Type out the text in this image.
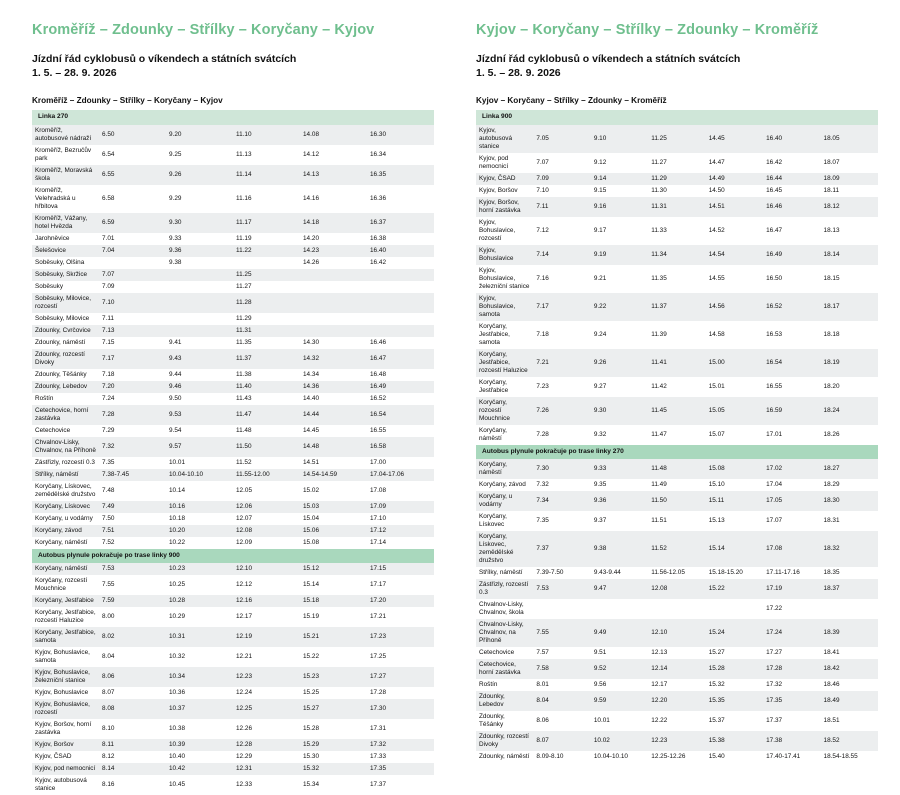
Kroměříž – Zdounky – Střílky – Koryčany – Kyjov
Jízdní řád cyklobusů o víkendech a státních svátcích
1. 5. – 28. 9. 2026
Kroměříž – Zdounky – Střílky – Koryčany – Kyjov
Linka 270					
Kroměříž, autobusové nádraží	6.50	9.20	11.10	14.08	16.30
Kroměříž, Bezručův park	6.54	9.25	11.13	14.12	16.34
Kroměříž, Moravská škola	6.55	9.26	11.14	14.13	16.35
Kroměříž, Velehradská u hřbitova	6.58	9.29	11.16	14.16	16.36
Kroměříž, Vážany, hotel Hvězda	6.59	9.30	11.17	14.18	16.37
Jarohněvice	7.01	9.33	11.19	14.20	16.38
Šelešovice	7.04	9.36	11.22	14.23	16.40
Soběsuky, Olšina		9.38		14.26	16.42
Soběsuky, Skržice	7.07		11.25		
Soběsuky	7.09		11.27		
Soběsuky, Milovice, rozcestí	7.10		11.28		
Soběsuky, Milovice	7.11		11.29		
Zdounky, Cvrčovice	7.13		11.31		
Zdounky, náměstí	7.15	9.41	11.35	14.30	16.46
Zdounky, rozcestí Divoky	7.17	9.43	11.37	14.32	16.47
Zdounky, Těšánky	7.18	9.44	11.38	14.34	16.48
Zdounky, Lebedov	7.20	9.46	11.40	14.36	16.49
Roštín	7.24	9.50	11.43	14.40	16.52
Cetechovice, horní zastávka	7.28	9.53	11.47	14.44	16.54
Cetechovice	7.29	9.54	11.48	14.45	16.55
Chvalnov-Lisky, Chvalnov, na Příhoně	7.32	9.57	11.50	14.48	16.58
Zástřizly, rozcestí 0.3	7.35	10.01	11.52	14.51	17.00
Střílky, náměstí	7.38-7.45	10.04-10.10	11.55-12.00	14.54-14.59	17.04-17.06
Koryčany, Lískovec, zeměděIské družstvo	7.48	10.14	12.05	15.02	17.08
Koryčany, Lískovec	7.49	10.16	12.06	15.03	17.09
Koryčany, u vodárny	7.50	10.18	12.07	15.04	17.10
Koryčany, závod	7.51	10.20	12.08	15.06	17.12
Koryčany, náměstí	7.52	10.22	12.09	15.08	17.14
Autobus plynule pokračuje po trase linky 900					
Koryčany, náměstí	7.53	10.23	12.10	15.12	17.15
Koryčany, rozcestí Mouchnice	7.55	10.25	12.12	15.14	17.17
Koryčany, Jestřabice	7.59	10.28	12.16	15.18	17.20
Koryčany, Jestřabice, rozcestí Haluzice	8.00	10.29	12.17	15.19	17.21
Koryčany, Jestřabice, samota	8.02	10.31	12.19	15.21	17.23
Kyjov, Bohuslavice, samota	8.04	10.32	12.21	15.22	17.25
Kyjov, Bohuslavice, železniční stanice	8.06	10.34	12.23	15.23	17.27
Kyjov, Bohuslavice	8.07	10.36	12.24	15.25	17.28
Kyjov, Bohuslavice, rozcestí	8.08	10.37	12.25	15.27	17.30
Kyjov, Boršov, horní zastávka	8.10	10.38	12.26	15.28	17.31
Kyjov, Boršov	8.11	10.39	12.28	15.29	17.32
Kyjov, ČSAD	8.12	10.40	12.29	15.30	17.33
Kyjov, pod nemocnicí	8.14	10.42	12.31	15.32	17.35
Kyjov, autobusová stanice	8.16	10.45	12.33	15.34	17.37
Kyjov – Koryčany – Střílky – Zdounky – Kroměříž
Jízdní řád cyklobusů o víkendech a státních svátcích
1. 5. – 28. 9. 2026
Kyjov – Koryčany – Střílky – Zdounky – Kroměříž
Linka 900						
Kyjov, autobusová stanice	7.05	9.10	11.25	14.45	16.40	18.05
Kyjov, pod nemocnicí	7.07	9.12	11.27	14.47	16.42	18.07
Kyjov, ČSAD	7.09	9.14	11.29	14.49	16.44	18.09
Kyjov, Boršov	7.10	9.15	11.30	14.50	16.45	18.11
Kyjov, Boršov, horní zastávka	7.11	9.16	11.31	14.51	16.46	18.12
Kyjov, Bohuslavice, rozcestí	7.12	9.17	11.33	14.52	16.47	18.13
Kyjov, Bohuslavice	7.14	9.19	11.34	14.54	16.49	18.14
Kyjov, Bohuslavice, železniční stanice	7.16	9.21	11.35	14.55	16.50	18.15
Kyjov, Bohuslavice, samota	7.17	9.22	11.37	14.56	16.52	18.17
Koryčany, Jestřabice, samota	7.18	9.24	11.39	14.58	16.53	18.18
Koryčany, Jestřabice, rozcestí Haluzice	7.21	9.26	11.41	15.00	16.54	18.19
Koryčany, Jestřabice	7.23	9.27	11.42	15.01	16.55	18.20
Koryčany, rozcestí Mouchnice	7.26	9.30	11.45	15.05	16.59	18.24
Koryčany, náměstí	7.28	9.32	11.47	15.07	17.01	18.26
Autobus plynule pokračuje po trase linky 270						
Koryčany, náměstí	7.30	9.33	11.48	15.08	17.02	18.27
Koryčany, závod	7.32	9.35	11.49	15.10	17.04	18.29
Koryčany, u vodárny	7.34	9.36	11.50	15.11	17.05	18.30
Koryčany, Lískovec	7.35	9.37	11.51	15.13	17.07	18.31
Koryčany, Lískovec, zeměděIské družstvo	7.37	9.38	11.52	15.14	17.08	18.32
Střílky, náměstí	7.39-7.50	9.43-9.44	11.56-12.05	15.18-15.20	17.11-17.16	18.35
Zástřizly, rozcestí 0.3	7.53	9.47	12.08	15.22	17.19	18.37
Chvalnov-Lisky, Chvalnov, škola					17.22	
Chvalnov-Lisky, Chvalnov, na Příhoně	7.55	9.49	12.10	15.24	17.24	18.39
Cetechovice	7.57	9.51	12.13	15.27	17.27	18.41
Cetechovice, horní zastávka	7.58	9.52	12.14	15.28	17.28	18.42
Roštín	8.01	9.56	12.17	15.32	17.32	18.46
Zdounky, Lebedov	8.04	9.59	12.20	15.35	17.35	18.49
Zdounky, Těšánky	8.06	10.01	12.22	15.37	17.37	18.51
Zdounky, rozcestí Divoky	8.07	10.02	12.23	15.38	17.38	18.52
Zdounky, náměstí	8.09-8.10	10.04-10.10	12.25-12.26	15.40	17.40-17.41	18.54-18.55
